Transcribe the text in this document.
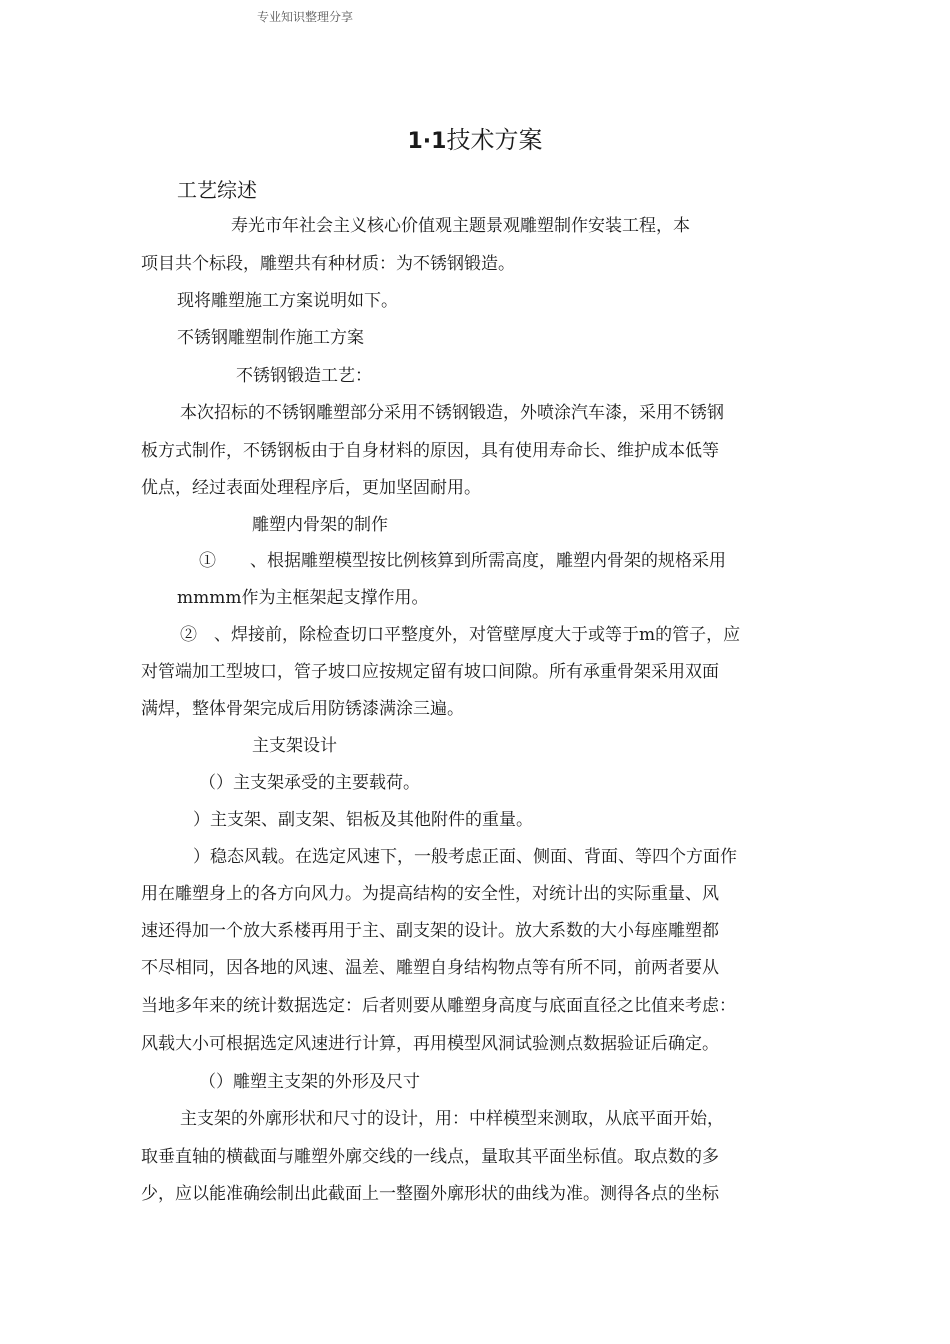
专业知识整理分享
1·1技术方案
工艺综述
寿光市年社会主义核心价值观主题景观雕塑制作安装工程，本
项目共个标段，雕塑共有种材质：为不锈钢锻造。
现将雕塑施工方案说明如下。
不锈钢雕塑制作施工方案
不锈钢锻造工艺：
本次招标的不锈钢雕塑部分采用不锈钢锻造，外喷涂汽车漆，采用不锈钢
板方式制作，不锈钢板由于自身材料的原因，具有使用寿命长、维护成本低等
优点，经过表面处理程序后，更加坚固耐用。
雕塑内骨架的制作
①　　、根据雕塑模型按比例核算到所需高度，雕塑内骨架的规格采用
mmmm作为主框架起支撑作用。
②　、焊接前，除检查切口平整度外，对管壁厚度大于或等于m的管子，应
对管端加工型坡口，管子坡口应按规定留有坡口间隙。所有承重骨架采用双面
满焊，整体骨架完成后用防锈漆满涂三遍。
主支架设计
（）主支架承受的主要载荷。
）主支架、副支架、铝板及其他附件的重量。
）稳态风载。在选定风速下，一般考虑正面、侧面、背面、等四个方面作
用在雕塑身上的各方向风力。为提高结构的安全性，对统计出的实际重量、风
速还得加一个放大系楼再用于主、副支架的设计。放大系数的大小每座雕塑都
不尽相同，因各地的风速、温差、雕塑自身结构物点等有所不同，前两者要从
当地多年来的统计数据选定：后者则要从雕塑身高度与底面直径之比值来考虑：
风载大小可根据选定风速进行计算，再用模型风洞试验测点数据验证后确定。
（）雕塑主支架的外形及尺寸
主支架的外廓形状和尺寸的设计，用：中样模型来测取，从底平面开始，
取垂直轴的横截面与雕塑外廓交线的一线点，量取其平面坐标值。取点数的多
少，应以能准确绘制出此截面上一整圈外廓形状的曲线为准。测得各点的坐标
